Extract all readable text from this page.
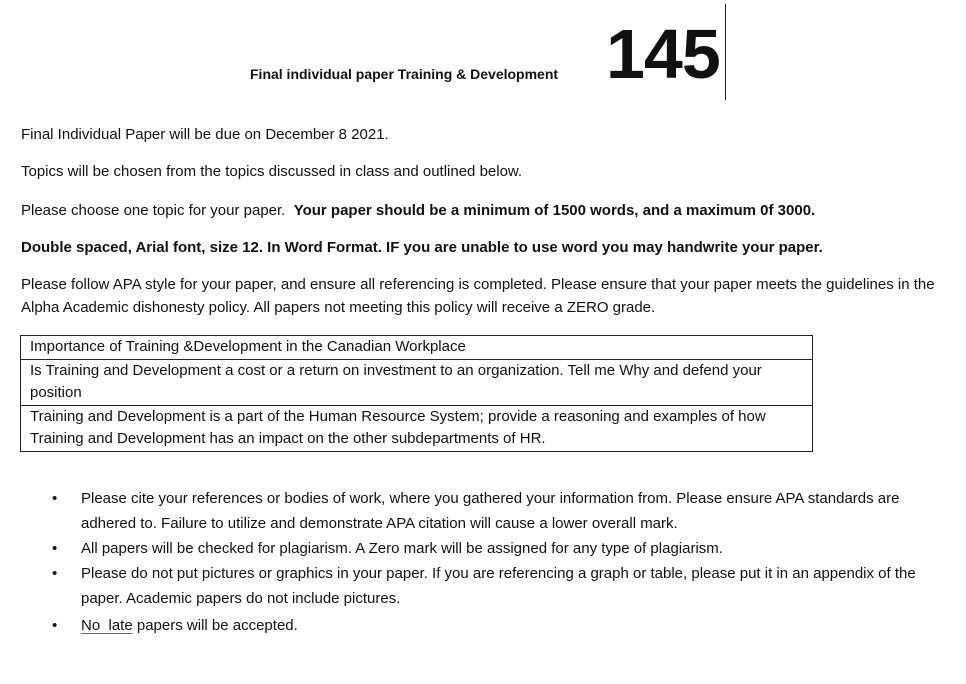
Final individual paper Training & Development 145
Final Individual Paper will be due on December 8 2021.
Topics will be chosen from the topics discussed in class and outlined below.
Please choose one topic for your paper.  Your paper should be a minimum of 1500 words, and a maximum 0f 3000.
Double spaced, Arial font, size 12. In Word Format. IF you are unable to use word you may handwrite your paper.
Please follow APA style for your paper, and ensure all referencing is completed. Please ensure that your paper meets the guidelines in the Alpha Academic dishonesty policy. All papers not meeting this policy will receive a ZERO grade.
Importance of Training &Development in the Canadian Workplace
Is Training and Development a cost or a return on investment to an organization. Tell me Why and defend your position
Training and Development is a part of the Human Resource System; provide a reasoning and examples of how Training and Development has an impact on the other subdepartments of HR.
• Please cite your references or bodies of work, where you gathered your information from. Please ensure APA standards are adhered to. Failure to utilize and demonstrate APA citation will cause a lower overall mark.
• All papers will be checked for plagiarism. A Zero mark will be assigned for any type of plagiarism.
• Please do not put pictures or graphics in your paper. If you are referencing a graph or table, please put it in an appendix of the paper. Academic papers do not include pictures.
• No  late papers will be accepted.
